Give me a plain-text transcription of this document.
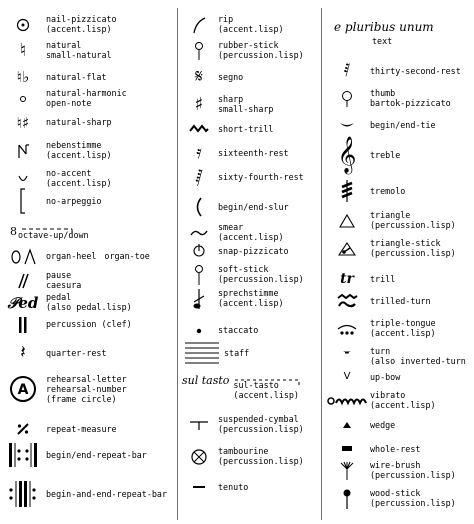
nail-pizzicato
(accent.lisp)
♮ natural
small-natural
♮♭ natural-flat
natural-harmonic
open-note
♮♯ natural-sharp
nebenstimme
(accent.lisp)
no-accent
(accent.lisp)
no-arpeggio
8 octave-up/down
organ-heel organ-toe
pause
caesura
𝒫ed pedal
(also pedal.lisp)
percussion (clef)
𝄽 quarter-rest
A
rehearsal-letter
rehearsal-number
(frame circle)
repeat-measure
begin/end-repeat-bar
begin-and-end-repeat-bar
rip
(accent.lisp)
rubber-stick
(percussion.lisp)
𝄋 segno
♯ sharp
small-sharp
short-trill
𝄿 sixteenth-rest
𝅁 sixty-fourth-rest
begin/end-slur
smear
(accent.lisp)
snap-pizzicato
soft-stick
(percussion.lisp)
sprechstimme
(accent.lisp)
staccato
staff
sul tasto sul-tasto
(accent.lisp)
suspended-cymbal
(percussion.lisp)
tambourine
(percussion.lisp)
tenuto
e pluribus unum
text
𝅀 thirty-second-rest
thumb
bartok-pizzicato
begin/end-tie
𝄞 treble
tremolo
triangle
(percussion.lisp)
triangle-stick
(percussion.lisp)
tr trill
trilled-turn
triple-tongue
(accent.lisp)
𝄻 turn
(also inverted-turn
V up-bow
vibrato
(accent.lisp)
wedge
whole-rest
wire-brush
(percussion.lisp)
wood-stick
(percussion.lisp)
